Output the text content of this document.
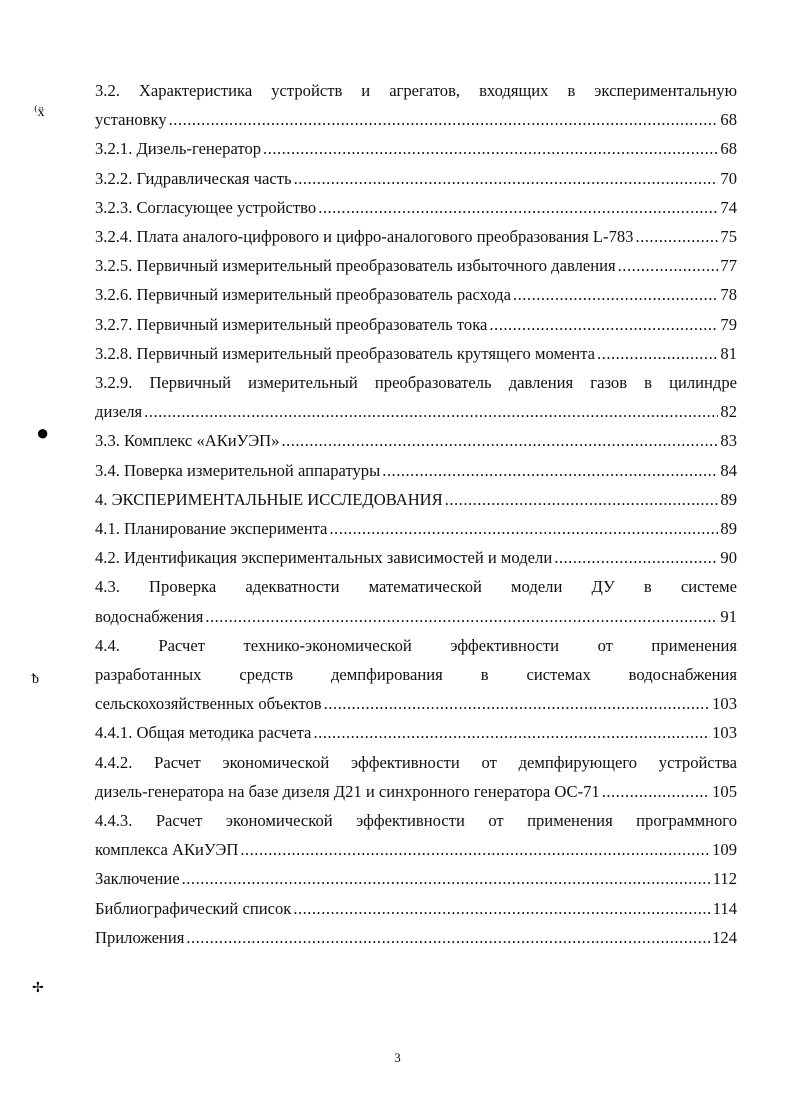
⁽ẍ
●
ᵬ
✢
3.2. Характеристика устройств и агрегатов, входящих в экспериментальную
установку .....	68
3.2.1. Дизель-генератор .....	68
3.2.2. Гидравлическая часть .....	70
3.2.3. Согласующее устройство .....	74
3.2.4. Плата аналого-цифрового и цифро-аналогового преобразования L-783 .....	75
3.2.5. Первичный измерительный преобразователь избыточного давления .....	77
3.2.6. Первичный измерительный преобразователь расхода .....	78
3.2.7. Первичный измерительный преобразователь тока .....	79
3.2.8. Первичный измерительный преобразователь крутящего момента .....	81
3.2.9. Первичный измерительный преобразователь давления газов в цилиндре
дизеля .....	82
3.3. Комплекс «АКиУЭП» .....	83
3.4. Поверка измерительной аппаратуры .....	84
4. ЭКСПЕРИМЕНТАЛЬНЫЕ ИССЛЕДОВАНИЯ .....	89
4.1. Планирование эксперимента .....	89
4.2. Идентификация экспериментальных зависимостей и модели .....	90
4.3. Проверка адекватности математической модели ДУ в системе
водоснабжения .....	91
4.4. Расчет технико-экономической эффективности от применения
разработанных средств демпфирования в системах водоснабжения
сельскохозяйственных объектов .....	103
4.4.1. Общая методика расчета .....	103
4.4.2. Расчет экономической эффективности от демпфирующего устройства
дизель-генератора на базе дизеля Д21 и синхронного генератора ОС-71 .....	105
4.4.3. Расчет экономической эффективности от применения программного
комплекса АКиУЭП .....	109
Заключение .....	112
Библиографический список .....	114
Приложения .....	124
3
